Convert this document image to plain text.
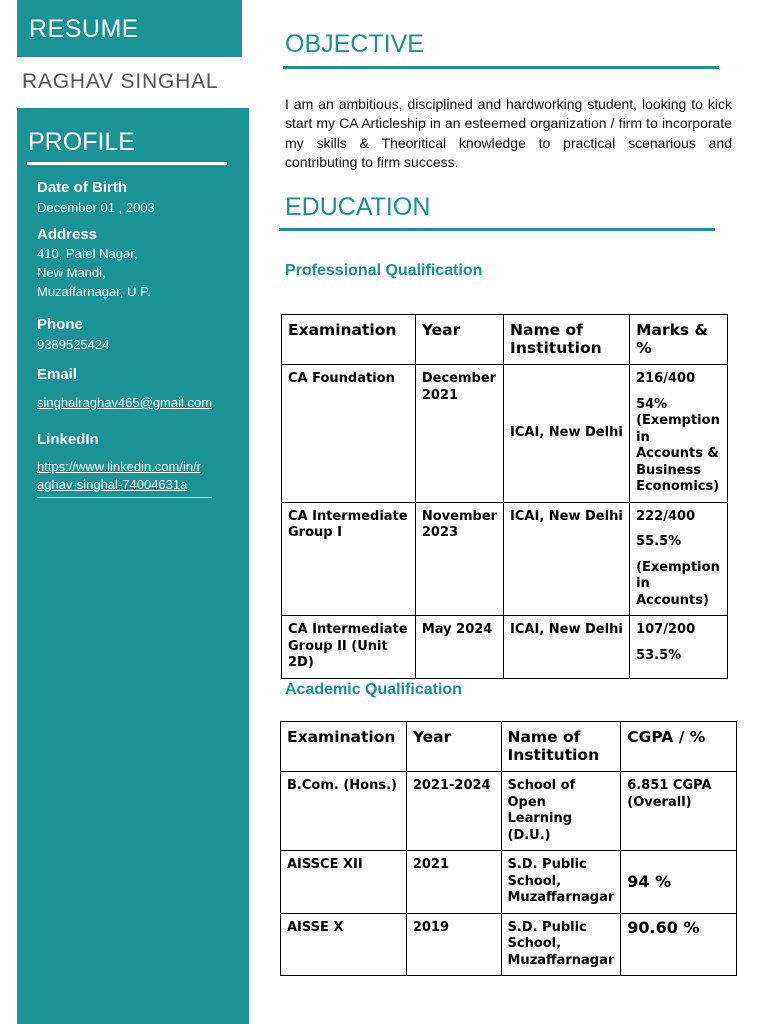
RESUME
RAGHAV SINGHAL
PROFILE
Date of Birth
December 01 , 2003
Address
410, Patel Nagar,
New Mandi,
Muzaffarnagar, U.P.
Phone
9389525424
Email
singhalraghav465@gmail.com
LinkedIn
https://www.linkedin.com/in/r
aghav-singhal-74004631a
OBJECTIVE
I am an ambitious, disciplined and hardworking student, looking to kick start my CA Articleship in an esteemed organization / firm to incorporate my skills & Theoritical knowledge to practical scenarious and contributing to firm success.
EDUCATION
Professional Qualification
Examination	Year	Name of Institution	Marks & %
CA Foundation	December 2021	ICAI, New Delhi	216/400
54% (Exemption in Accounts & Business Economics)

CA Intermediate Group I	November 2023	ICAI, New Delhi	222/400
55.5%
(Exemption in Accounts)

CA Intermediate Group II (Unit 2D)	May 2024	ICAI, New Delhi	107/200
53.5%
Academic Qualification
Examination	Year	Name of Institution	CGPA / %
B.Com. (Hons.)	2021-2024	School of Open Learning (D.U.)	6.851 CGPA (Overall)
AISSCE XII	2021	S.D. Public School, Muzaffarnagar	94 %
AISSE X	2019	S.D. Public School, Muzaffarnagar	90.60 %
